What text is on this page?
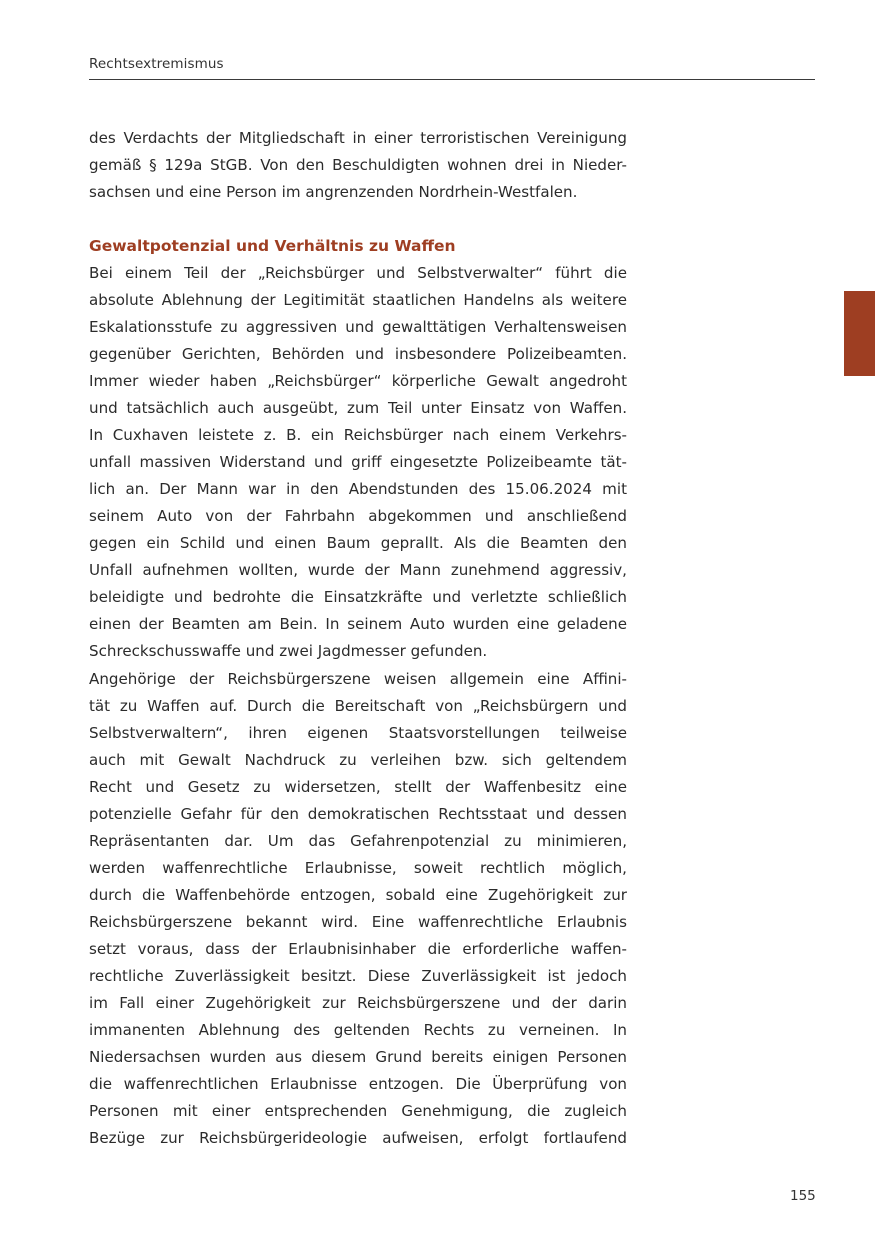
Rechtsextremismus

des Verdachts der Mitgliedschaft in einer terroristischen Vereinigung
gemäß § 129a StGB. Von den Beschuldigten wohnen drei in Nieder-
sachsen und eine Person im angrenzenden Nordrhein-Westfalen.

Gewaltpotenzial und Verhältnis zu Waffen

Bei einem Teil der „Reichsbürger und Selbstverwalter“ führt die
absolute Ablehnung der Legitimität staatlichen Handelns als weitere
Eskalationsstufe zu aggressiven und gewalttätigen Verhaltensweisen
gegenüber Gerichten, Behörden und insbesondere Polizeibeamten.
Immer wieder haben „Reichsbürger“ körperliche Gewalt angedroht
und tatsächlich auch ausgeübt, zum Teil unter Einsatz von Waffen.
In Cuxhaven leistete z. B. ein Reichsbürger nach einem Verkehrs-
unfall massiven Widerstand und griff eingesetzte Polizeibeamte tät-
lich an. Der Mann war in den Abendstunden des 15.06.2024 mit
seinem Auto von der Fahrbahn abgekommen und anschließend
gegen ein Schild und einen Baum geprallt. Als die Beamten den
Unfall aufnehmen wollten, wurde der Mann zunehmend aggressiv,
beleidigte und bedrohte die Einsatzkräfte und verletzte schließlich
einen der Beamten am Bein. In seinem Auto wurden eine geladene
Schreckschusswaffe und zwei Jagdmesser gefunden.

Angehörige der Reichsbürgerszene weisen allgemein eine Affini-
tät zu Waffen auf. Durch die Bereitschaft von „Reichsbürgern und
Selbstverwaltern“, ihren eigenen Staatsvorstellungen teilweise
auch mit Gewalt Nachdruck zu verleihen bzw. sich geltendem
Recht und Gesetz zu widersetzen, stellt der Waffenbesitz eine
potenzielle Gefahr für den demokratischen Rechtsstaat und dessen
Repräsentanten dar. Um das Gefahrenpotenzial zu minimieren,
werden waffenrechtliche Erlaubnisse, soweit rechtlich möglich,
durch die Waffenbehörde entzogen, sobald eine Zugehörigkeit zur
Reichsbürgerszene bekannt wird. Eine waffenrechtliche Erlaubnis
setzt voraus, dass der Erlaubnisinhaber die erforderliche waffen-
rechtliche Zuverlässigkeit besitzt. Diese Zuverlässigkeit ist jedoch
im Fall einer Zugehörigkeit zur Reichsbürgerszene und der darin
immanenten Ablehnung des geltenden Rechts zu verneinen. In
Niedersachsen wurden aus diesem Grund bereits einigen Personen
die waffenrechtlichen Erlaubnisse entzogen. Die Überprüfung von
Personen mit einer entsprechenden Genehmigung, die zugleich
Bezüge zur Reichsbürgerideologie aufweisen, erfolgt fortlaufend

155
